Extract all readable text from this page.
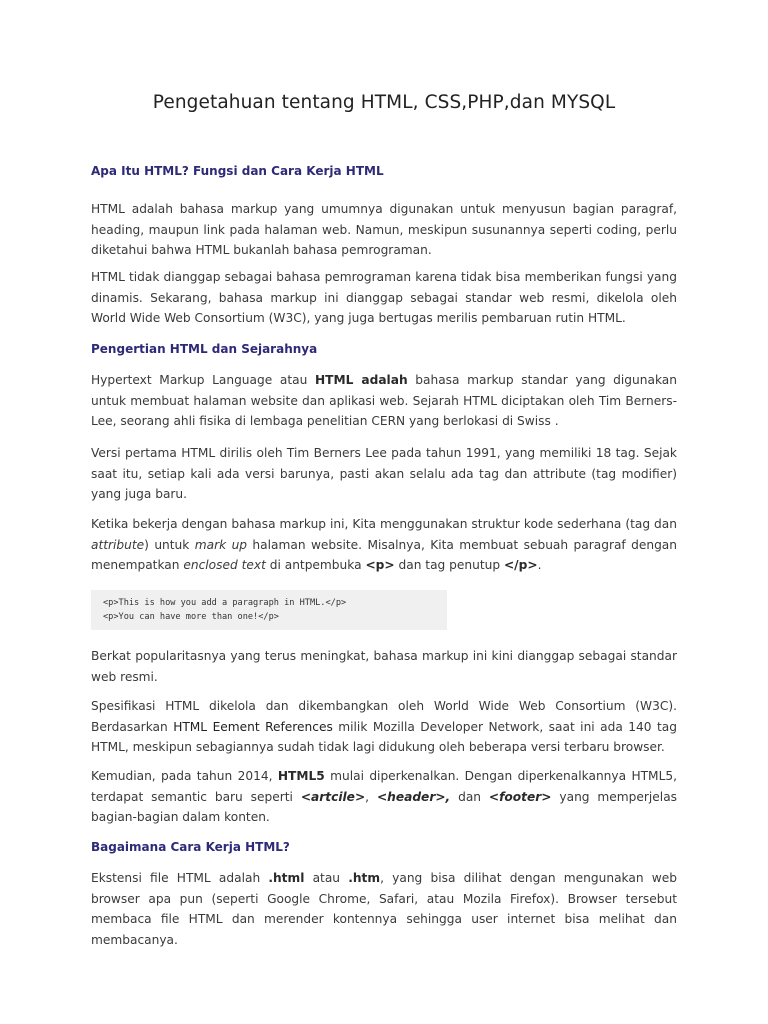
Pengetahuan tentang HTML, CSS,PHP,dan MYSQL
Apa Itu HTML? Fungsi dan Cara Kerja HTML
HTML adalah bahasa markup yang umumnya digunakan untuk menyusun bagian paragraf, heading, maupun link pada halaman web. Namun, meskipun susunannya seperti coding, perlu diketahui bahwa HTML bukanlah bahasa pemrograman.
HTML tidak dianggap sebagai bahasa pemrograman karena tidak bisa memberikan fungsi yang dinamis. Sekarang, bahasa markup ini dianggap sebagai standar web resmi, dikelola oleh World Wide Web Consortium (W3C), yang juga bertugas merilis pembaruan rutin HTML.
Pengertian HTML dan Sejarahnya
Hypertext Markup Language atau HTML adalah bahasa markup standar yang digunakan untuk membuat halaman website dan aplikasi web. Sejarah HTML diciptakan oleh Tim Berners-Lee, seorang ahli fisika di lembaga penelitian CERN yang berlokasi di Swiss .
Versi pertama HTML dirilis oleh Tim Berners Lee pada tahun 1991, yang memiliki 18 tag. Sejak saat itu, setiap kali ada versi barunya, pasti akan selalu ada tag dan attribute (tag modifier) yang juga baru.
Ketika bekerja dengan bahasa markup ini, Kita menggunakan struktur kode sederhana (tag dan attribute) untuk mark up halaman website. Misalnya, Kita membuat sebuah paragraf dengan menempatkan enclosed text di antpembuka <p> dan tag penutup </p>.
<p>This is how you add a paragraph in HTML.</p>
<p>You can have more than one!</p>
Berkat popularitasnya yang terus meningkat, bahasa markup ini kini dianggap sebagai standar web resmi.
Spesifikasi HTML dikelola dan dikembangkan oleh World Wide Web Consortium (W3C). Berdasarkan HTML Eement References milik Mozilla Developer Network, saat ini ada 140 tag HTML, meskipun sebagiannya sudah tidak lagi didukung oleh beberapa versi terbaru browser.
Kemudian, pada tahun 2014, HTML5 mulai diperkenalkan. Dengan diperkenalkannya HTML5, terdapat semantic baru seperti <artcile>, <header>, dan <footer> yang memperjelas bagian-bagian dalam konten.
Bagaimana Cara Kerja HTML?
Ekstensi file HTML adalah .html atau .htm, yang bisa dilihat dengan mengunakan web browser apa pun (seperti Google Chrome, Safari, atau Mozila Firefox). Browser tersebut membaca file HTML dan merender kontennya sehingga user internet bisa melihat dan membacanya.
